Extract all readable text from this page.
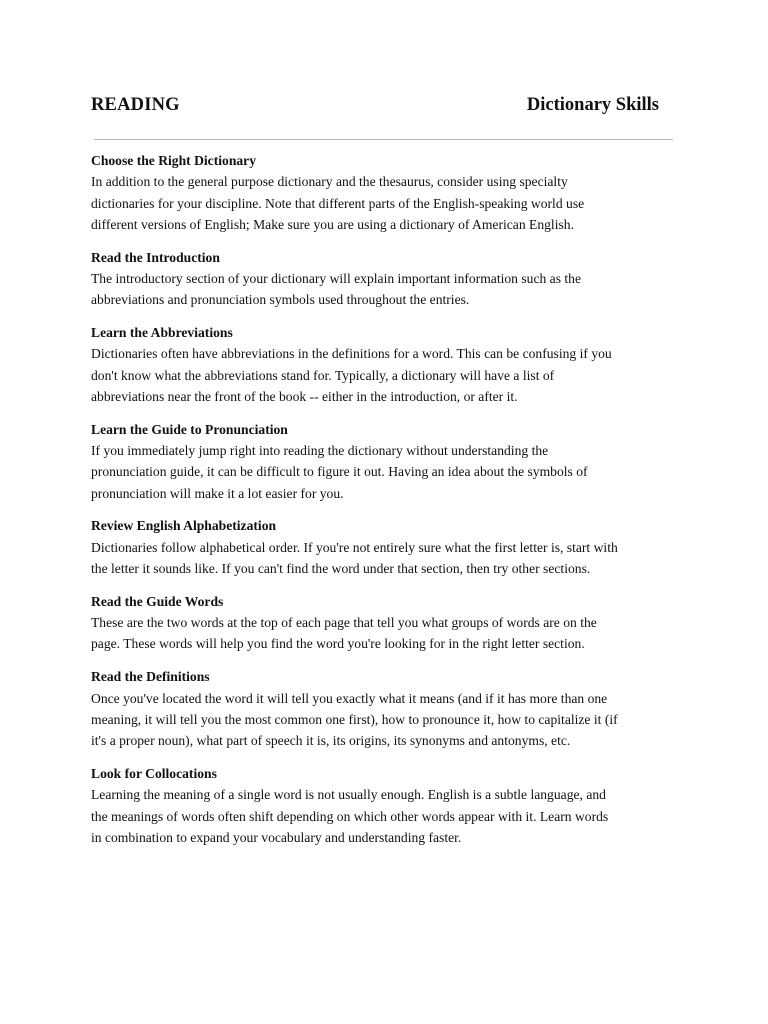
READING	Dictionary Skills
Choose the Right Dictionary
In addition to the general purpose dictionary and the thesaurus, consider using specialty
dictionaries for your discipline. Note that different parts of the English-speaking world use
different versions of English; Make sure you are using a dictionary of American English.
Read the Introduction
The introductory section of your dictionary will explain important information such as the
abbreviations and pronunciation symbols used throughout the entries.
Learn the Abbreviations
Dictionaries often have abbreviations in the definitions for a word. This can be confusing if you
don't know what the abbreviations stand for. Typically, a dictionary will have a list of
abbreviations near the front of the book -- either in the introduction, or after it.
Learn the Guide to Pronunciation
If you immediately jump right into reading the dictionary without understanding the
pronunciation guide, it can be difficult to figure it out. Having an idea about the symbols of
pronunciation will make it a lot easier for you.
Review English Alphabetization
Dictionaries follow alphabetical order. If you're not entirely sure what the first letter is, start with
the letter it sounds like. If you can't find the word under that section, then try other sections.
Read the Guide Words
These are the two words at the top of each page that tell you what groups of words are on the
page. These words will help you find the word you're looking for in the right letter section.
Read the Definitions
Once you've located the word it will tell you exactly what it means (and if it has more than one
meaning, it will tell you the most common one first), how to pronounce it, how to capitalize it (if
it's a proper noun), what part of speech it is, its origins, its synonyms and antonyms, etc.
Look for Collocations
Learning the meaning of a single word is not usually enough. English is a subtle language, and
the meanings of words often shift depending on which other words appear with it. Learn words
in combination to expand your vocabulary and understanding faster.
